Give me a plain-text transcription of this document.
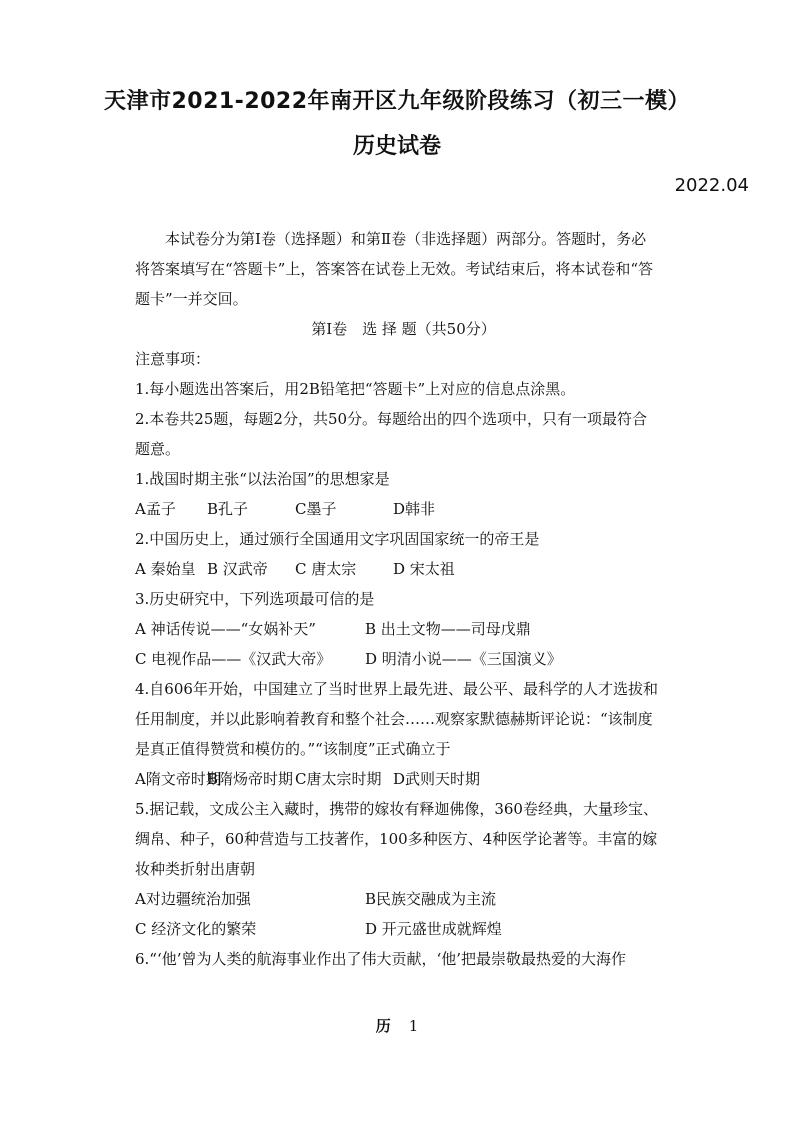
天津市2021-2022年南开区九年级阶段练习（初三一模）
历史试卷
2022.04
本试卷分为第Ⅰ卷（选择题）和第Ⅱ卷（非选择题）两部分。答题时，务必
将答案填写在“答题卡”上，答案答在试卷上无效。考试结束后，将本试卷和“答
题卡”一并交回。
第Ⅰ卷　选 择 题（共50分）
注意事项：
1.每小题选出答案后，用2B铅笔把“答题卡”上对应的信息点涂黑。
2.本卷共25题，每题2分，共50分。每题给出的四个选项中，只有一项最符合
题意。
1.战国时期主张“以法治国”的思想家是
A孟子 B孔子	C墨子	D韩非
2.中国历史上，通过颁行全国通用文字巩固国家统一的帝王是
A 秦始皇 B 汉武帝 C 唐太宗 D 宋太祖
3.历史研究中，下列选项最可信的是
A 神话传说——“女娲补天”	B 出土文物——司母戊鼎
C 电视作品——《汉武大帝》 D 明清小说——《三国演义》
4.自606年开始，中国建立了当时世界上最先进、最公平、最科学的人才选拔和
任用制度，并以此影响着教育和整个社会……观察家默德赫斯评论说：“该制度
是真正值得赞赏和模仿的。”“该制度”正式确立于
A隋文帝时期B隋炀帝时期 C唐太宗时期 D武则天时期
5.据记载，文成公主入藏时，携带的嫁妆有释迦佛像，360卷经典，大量珍宝、
绸帛、种子，60种营造与工技著作，100多种医方、4种医学论著等。丰富的嫁
妆种类折射出唐朝
A对边疆统治加强	B民族交融成为主流
C 经济文化的繁荣	D 开元盛世成就辉煌
6.“‘他’曾为人类的航海事业作出了伟大贡献，‘他’把最崇敬最热爱的大海作
历 1
